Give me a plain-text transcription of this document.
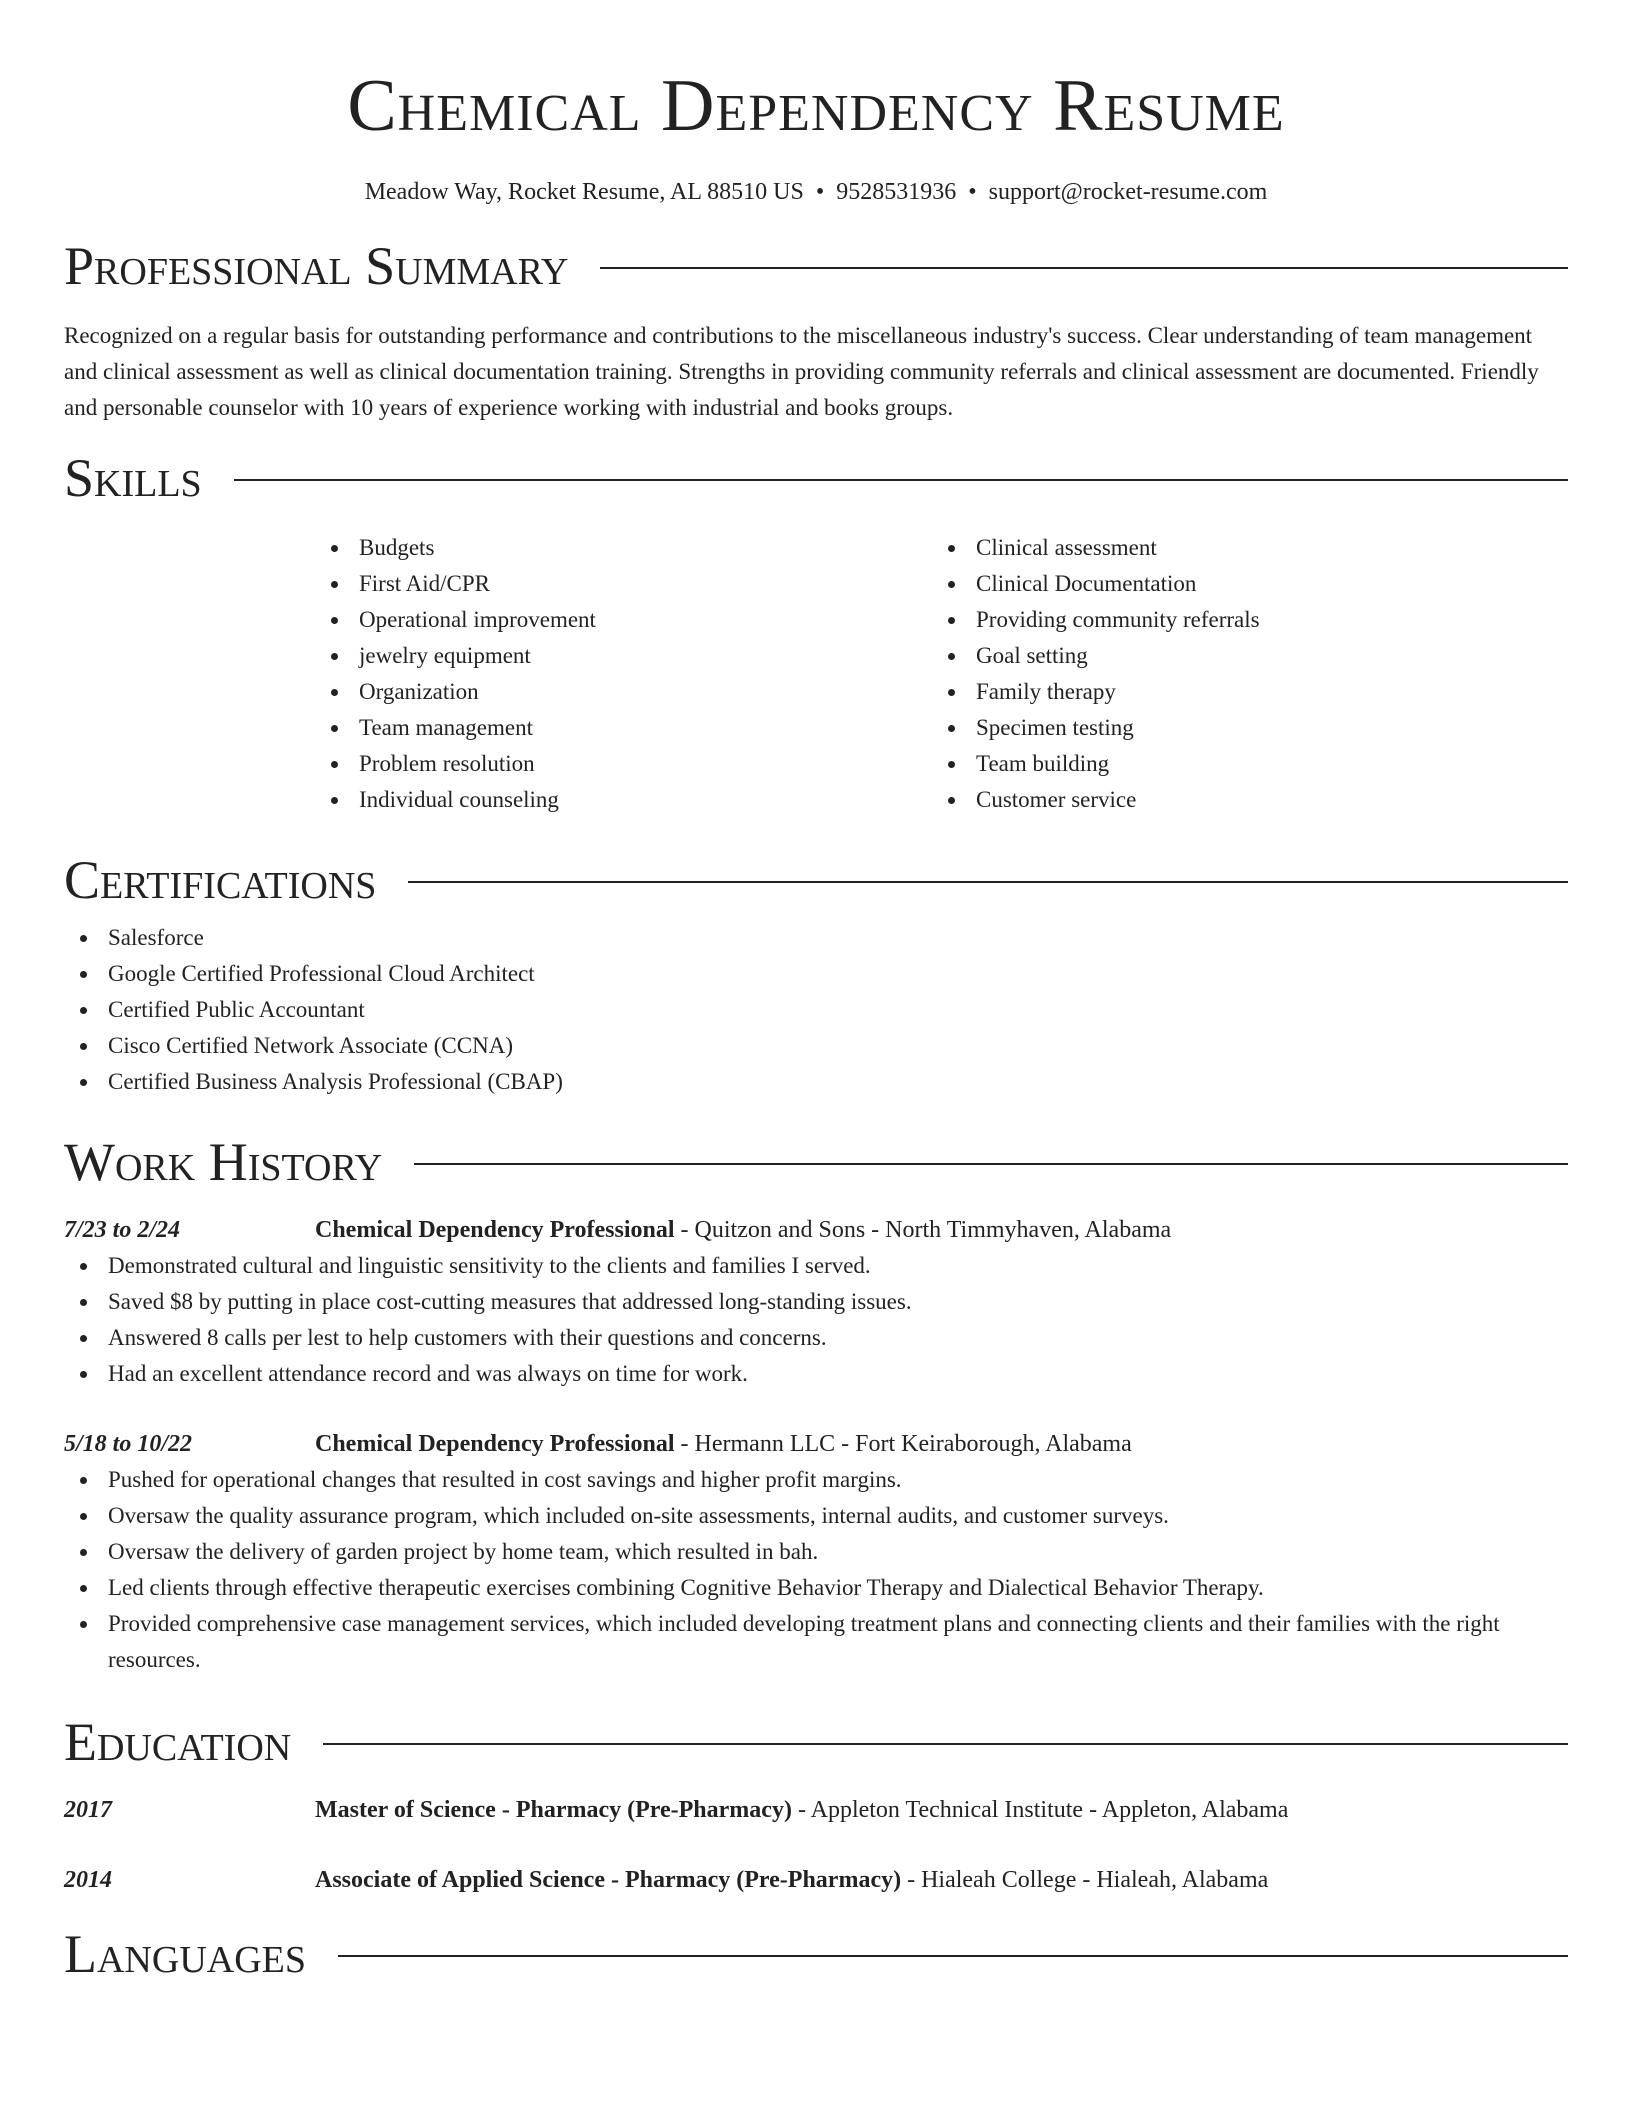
Chemical Dependency Resume
Meadow Way, Rocket Resume, AL 88510 US • 9528531936 • support@rocket-resume.com
Professional Summary

Recognized on a regular basis for outstanding performance and contributions to the miscellaneous industry's success. Clear understanding of team management and clinical assessment as well as clinical documentation training. Strengths in providing community referrals and clinical assessment are documented. Friendly and personable counselor with 10 years of experience working with industrial and books groups.

Skills
Budgets
First Aid/CPR
Operational improvement
jewelry equipment
Organization
Team management
Problem resolution
Individual counseling
Clinical assessment
Clinical Documentation
Providing community referrals
Goal setting
Family therapy
Specimen testing
Team building
Customer service
Certifications
Salesforce
Google Certified Professional Cloud Architect
Certified Public Accountant
Cisco Certified Network Associate (CCNA)
Certified Business Analysis Professional (CBAP)
Work History
7/23 to 2/24	Chemical Dependency Professional - Quitzon and Sons - North Timmyhaven, Alabama
Demonstrated cultural and linguistic sensitivity to the clients and families I served.
Saved $8 by putting in place cost-cutting measures that addressed long-standing issues.
Answered 8 calls per lest to help customers with their questions and concerns.
Had an excellent attendance record and was always on time for work.
5/18 to 10/22	Chemical Dependency Professional - Hermann LLC - Fort Keiraborough, Alabama
Pushed for operational changes that resulted in cost savings and higher profit margins.
Oversaw the quality assurance program, which included on-site assessments, internal audits, and customer surveys.
Oversaw the delivery of garden project by home team, which resulted in bah.
Led clients through effective therapeutic exercises combining Cognitive Behavior Therapy and Dialectical Behavior Therapy.
Provided comprehensive case management services, which included developing treatment plans and connecting clients and their families with the right resources.
Education
2017	Master of Science - Pharmacy (Pre-Pharmacy) - Appleton Technical Institute - Appleton, Alabama
2014	Associate of Applied Science - Pharmacy (Pre-Pharmacy) - Hialeah College - Hialeah, Alabama
Languages
